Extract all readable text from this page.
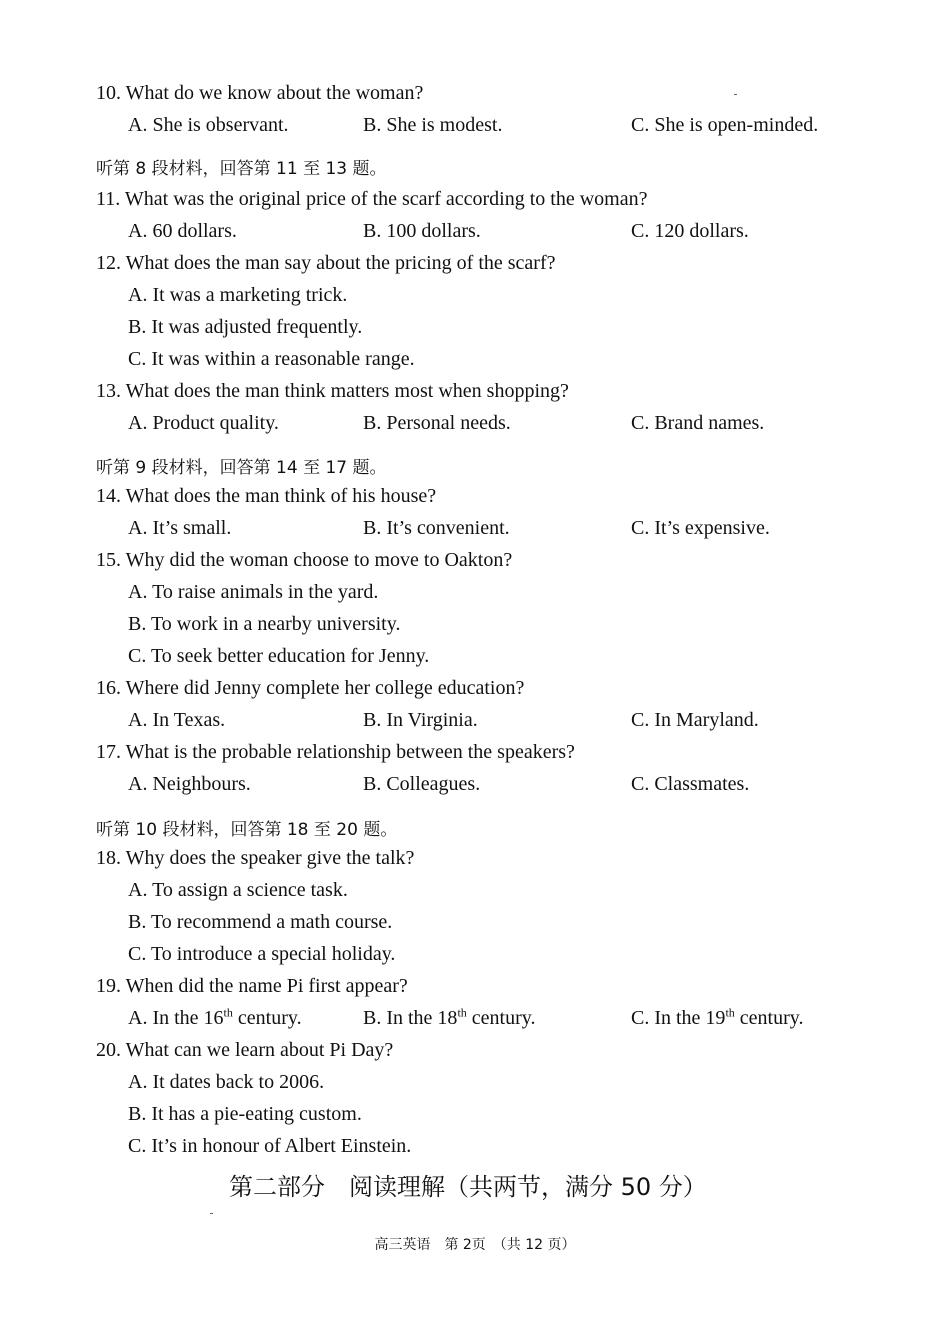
10. What do we know about the woman?
A. She is observant.	B. She is modest.	C. She is open-minded.
听第 8 段材料，回答第 11 至 13 题。
11. What was the original price of the scarf according to the woman?
A. 60 dollars.	B. 100 dollars.	C. 120 dollars.
12. What does the man say about the pricing of the scarf?
A. It was a marketing trick.
B. It was adjusted frequently.
C. It was within a reasonable range.
13. What does the man think matters most when shopping?
A. Product quality.	B. Personal needs.	C. Brand names.
听第 9 段材料，回答第 14 至 17 题。
14. What does the man think of his house?
A. It’s small.	B. It’s convenient.	C. It’s expensive.
15. Why did the woman choose to move to Oakton?
A. To raise animals in the yard.
B. To work in a nearby university.
C. To seek better education for Jenny.
16. Where did Jenny complete her college education?
A. In Texas.	B. In Virginia.	C. In Maryland.
17. What is the probable relationship between the speakers?
A. Neighbours.	B. Colleagues.	C. Classmates.
听第 10 段材料，回答第 18 至 20 题。
18. Why does the speaker give the talk?
A. To assign a science task.
B. To recommend a math course.
C. To introduce a special holiday.
19. When did the name Pi first appear?
A. In the 16th century.	B. In the 18th century.	C. In the 19th century.
20. What can we learn about Pi Day?
A. It dates back to 2006.
B. It has a pie-eating custom.
C. It’s in honour of Albert Einstein.
第二部分　阅读理解（共两节，满分 50 分）
高三英语　第 2页　（共 12 页）
